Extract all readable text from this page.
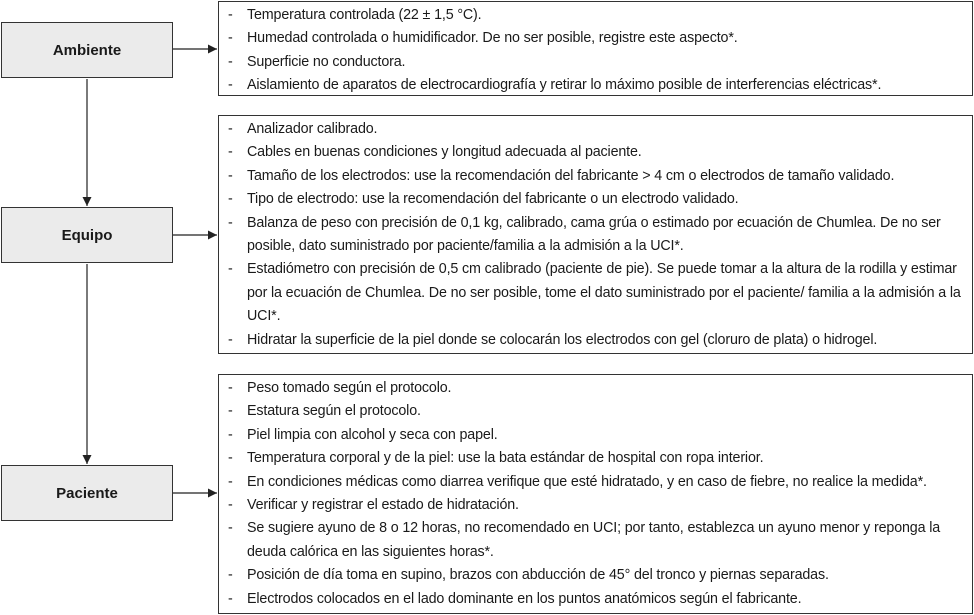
Ambiente
Equipo
Paciente
- Temperatura controlada (22 ± 1,5 °C).
- Humedad controlada o humidificador. De no ser posible, registre este aspecto*.
- Superficie no conductora.
- Aislamiento de aparatos de electrocardiografía y retirar lo máximo posible de interferencias eléctricas*.
- Analizador calibrado.
- Cables en buenas condiciones y longitud adecuada al paciente.
- Tamaño de los electrodos: use la recomendación del fabricante > 4 cm o electrodos de tamaño validado.
- Tipo de electrodo: use la recomendación del fabricante o un electrodo validado.
- Balanza de peso con precisión de 0,1 kg, calibrado, cama grúa o estimado por ecuación de Chumlea. De no ser posible, dato suministrado por paciente/familia a la admisión a la UCI*.
- Estadiómetro con precisión de 0,5 cm calibrado (paciente de pie). Se puede tomar a la altura de la rodilla y estimar por la ecuación de Chumlea. De no ser posible, tome el dato suministrado por el paciente/ familia a la admisión a la UCI*.
- Hidratar la superficie de la piel donde se colocarán los electrodos con gel (cloruro de plata) o hidrogel.
- Peso tomado según el protocolo.
- Estatura según el protocolo.
- Piel limpia con alcohol y seca con papel.
- Temperatura corporal y de la piel: use la bata estándar de hospital con ropa interior.
- En condiciones médicas como diarrea verifique que esté hidratado, y en caso de fiebre, no realice la medida*.
- Verificar y registrar el estado de hidratación.
- Se sugiere ayuno de 8 o 12 horas, no recomendado en UCI; por tanto, establezca un ayuno menor y reponga la deuda calórica en las siguientes horas*.
- Posición de día toma en supino, brazos con abducción de 45° del tronco y piernas separadas.
- Electrodos colocados en el lado dominante en los puntos anatómicos según el fabricante.
